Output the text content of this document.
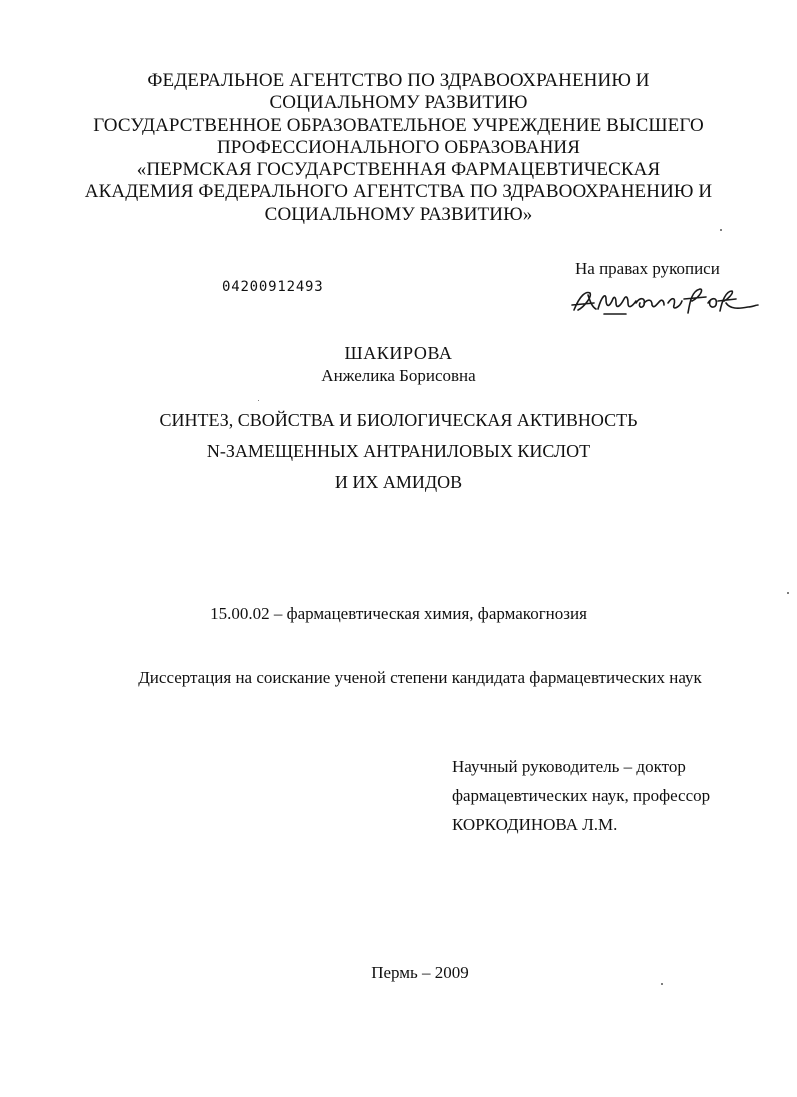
ФЕДЕРАЛЬНОЕ АГЕНТСТВО ПО ЗДРАВООХРАНЕНИЮ И
СОЦИАЛЬНОМУ РАЗВИТИЮ
ГОСУДАРСТВЕННОЕ ОБРАЗОВАТЕЛЬНОЕ УЧРЕЖДЕНИЕ ВЫСШЕГО
ПРОФЕССИОНАЛЬНОГО ОБРАЗОВАНИЯ
«ПЕРМСКАЯ ГОСУДАРСТВЕННАЯ ФАРМАЦЕВТИЧЕСКАЯ
АКАДЕМИЯ ФЕДЕРАЛЬНОГО АГЕНТСТВА ПО ЗДРАВООХРАНЕНИЮ И
СОЦИАЛЬНОМУ РАЗВИТИЮ»
04200912493
На правах рукописи
ШАКИРОВА
Анжелика Борисовна
СИНТЕЗ, СВОЙСТВА И БИОЛОГИЧЕСКАЯ АКТИВНОСТЬ
N-ЗАМЕЩЕННЫХ АНТРАНИЛОВЫХ КИСЛОТ
И ИХ АМИДОВ
15.00.02 – фармацевтическая химия, фармакогнозия
Диссертация на соискание ученой степени кандидата фармацевтических наук
Научный руководитель – доктор
фармацевтических наук, профессор
КОРКОДИНОВА Л.М.
Пермь – 2009
